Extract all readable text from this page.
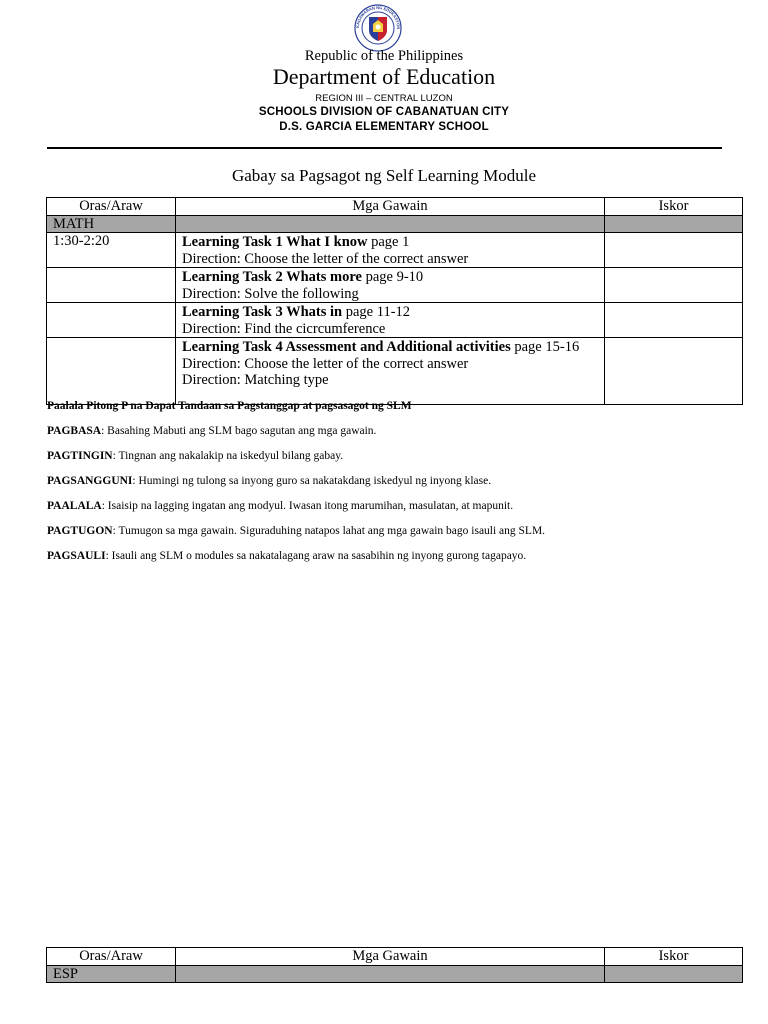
KAGAWARAN NG EDUKASYON
Republic of the Philippines
Department of Education
REGION III – CENTRAL LUZON
SCHOOLS DIVISION OF CABANATUAN CITY
D.S. GARCIA ELEMENTARY SCHOOL
Gabay sa Pagsagot ng Self Learning Module
Oras/Araw	Mga Gawain	Iskor
MATH		
1:30-2:20	Learning Task 1 What I know page 1
Direction: Choose the letter of the correct answer	
	Learning Task 2 Whats more page 9-10
Direction: Solve the following	
	Learning Task 3 Whats in page 11-12
Direction: Find the cicrcumference	
	Learning Task 4 Assessment and Additional activities page 15-16
Direction: Choose the letter of the correct answer
Direction: Matching type	

Paalala Pitong P na Dapat Tandaan sa Pagstanggap at pagsasagot ng SLM

PAGBASA: Basahing Mabuti ang SLM bago sagutan ang mga gawain.

PAGTINGIN: Tingnan ang nakalakip na iskedyul bilang gabay.

PAGSANGGUNI: Humingi ng tulong sa inyong guro sa nakatakdang iskedyul ng inyong klase.

PAALALA: Isaisip na lagging ingatan ang modyul. Iwasan itong marumihan, masulatan, at mapunit.

PAGTUGON: Tumugon sa mga gawain. Siguraduhing natapos lahat ang mga gawain bago isauli ang SLM.

PAGSAULI: Isauli ang SLM o modules sa nakatalagang araw na sasabihin ng inyong gurong tagapayo.

Oras/Araw	Mga Gawain	Iskor
ESP		
